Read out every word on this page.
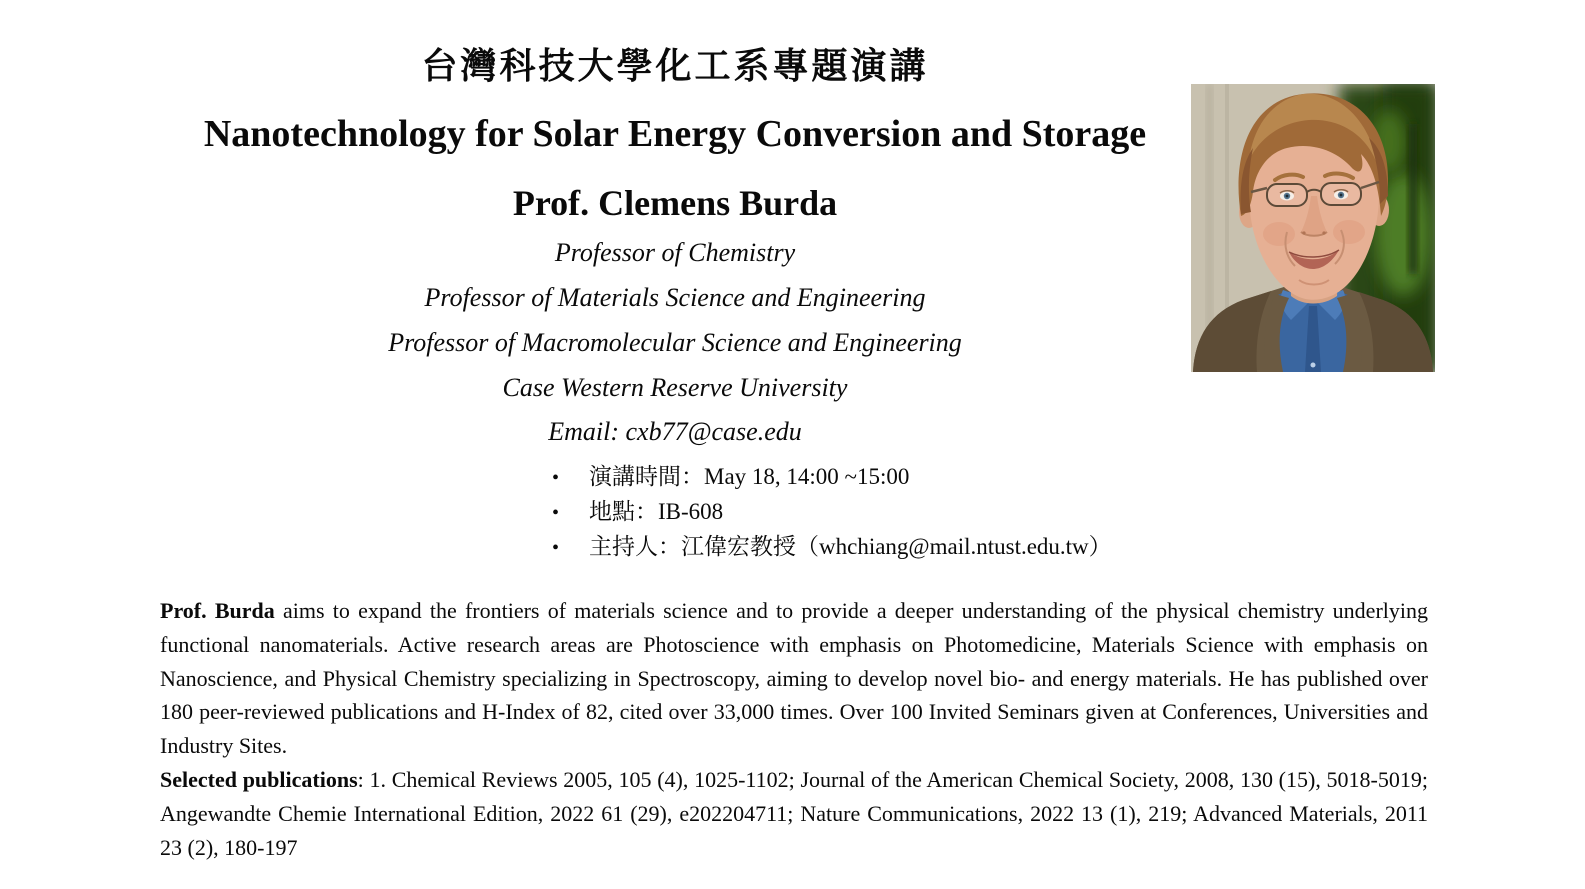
台灣科技大學化工系專題演講
Nanotechnology for Solar Energy Conversion and Storage
Prof. Clemens Burda
Professor of Chemistry
Professor of Materials Science and Engineering
Professor of Macromolecular Science and Engineering
Case Western Reserve University
Email: cxb77@case.edu
•	演講時間：May 18, 14:00 ~15:00
•	地點：IB-608
•	主持人：江偉宏教授（whchiang@mail.ntust.edu.tw）

Prof. Burda aims to expand the frontiers of materials science and to provide a deeper understanding of the physical chemistry underlying functional nanomaterials. Active research areas are Photoscience with emphasis on Photomedicine, Materials Science with emphasis on Nanoscience, and Physical Chemistry specializing in Spectroscopy, aiming to develop novel bio- and energy materials. He has published over 180 peer-reviewed publications and H-Index of 82, cited over 33,000 times. Over 100 Invited Seminars given at Conferences, Universities and Industry Sites.

Selected publications: 1. Chemical Reviews 2005, 105 (4), 1025-1102; Journal of the American Chemical Society, 2008, 130 (15), 5018-5019; Angewandte Chemie International Edition, 2022 61 (29), e202204711; Nature Communications, 2022 13 (1), 219; Advanced Materials, 2011 23 (2), 180-197
